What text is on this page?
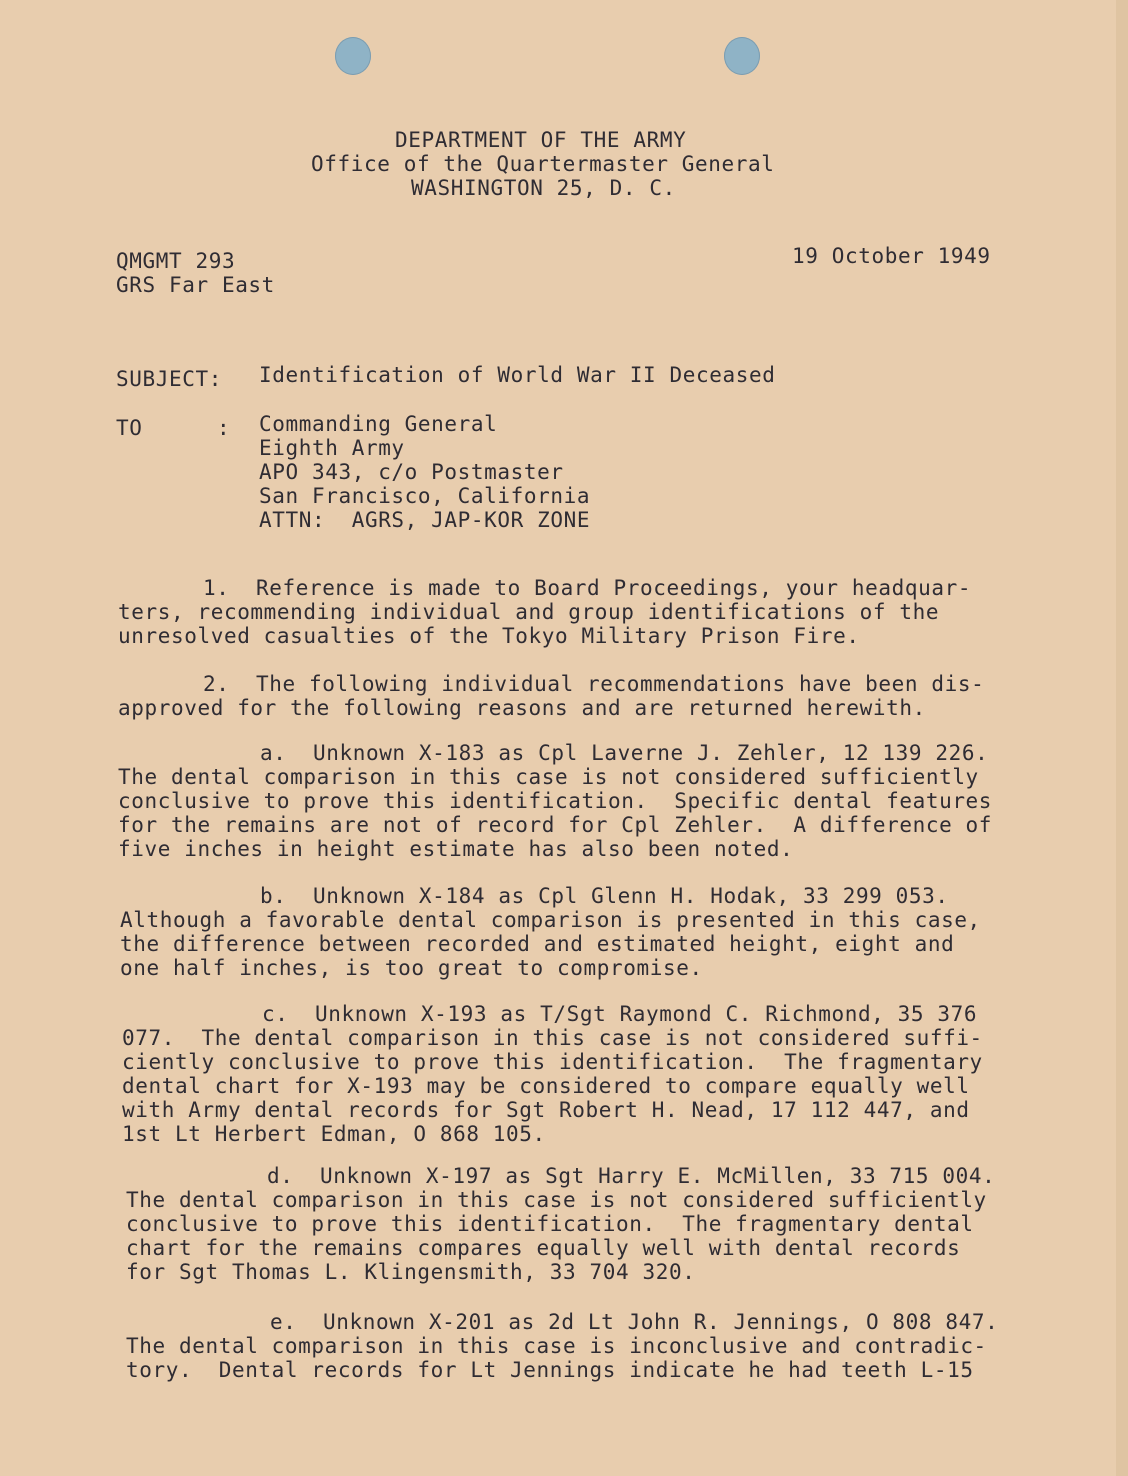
DEPARTMENT OF THE ARMY
Office of the Quartermaster General
WASHINGTON 25, D. C.
QMGMT 293
GRS Far East
19 October 1949
SUBJECT: Identification of World War II Deceased
TO	: Commanding General
Eighth Army
APO 343, c/o Postmaster
San Francisco, California
ATTN:  AGRS, JAP-KOR ZONE
1.  Reference is made to Board Proceedings, your headquar-
ters, recommending individual and group identifications of the
unresolved casualties of the Tokyo Military Prison Fire.
2.  The following individual recommendations have been dis-
approved for the following reasons and are returned herewith.
a.  Unknown X-183 as Cpl Laverne J. Zehler, 12 139 226.
The dental comparison in this case is not considered sufficiently
conclusive to prove this identification.  Specific dental features
for the remains are not of record for Cpl Zehler.  A difference of
five inches in height estimate has also been noted.
b.  Unknown X-184 as Cpl Glenn H. Hodak, 33 299 053.
Although a favorable dental comparison is presented in this case,
the difference between recorded and estimated height, eight and
one half inches, is too great to compromise.
c.  Unknown X-193 as T/Sgt Raymond C. Richmond, 35 376
077.  The dental comparison in this case is not considered suffi-
ciently conclusive to prove this identification.  The fragmentary
dental chart for X-193 may be considered to compare equally well
with Army dental records for Sgt Robert H. Nead, 17 112 447, and
1st Lt Herbert Edman, O 868 105.
d.  Unknown X-197 as Sgt Harry E. McMillen, 33 715 004.
The dental comparison in this case is not considered sufficiently
conclusive to prove this identification.  The fragmentary dental
chart for the remains compares equally well with dental records
for Sgt Thomas L. Klingensmith, 33 704 320.
e.  Unknown X-201 as 2d Lt John R. Jennings, O 808 847.
The dental comparison in this case is inconclusive and contradic-
tory.  Dental records for Lt Jennings indicate he had teeth L-15
